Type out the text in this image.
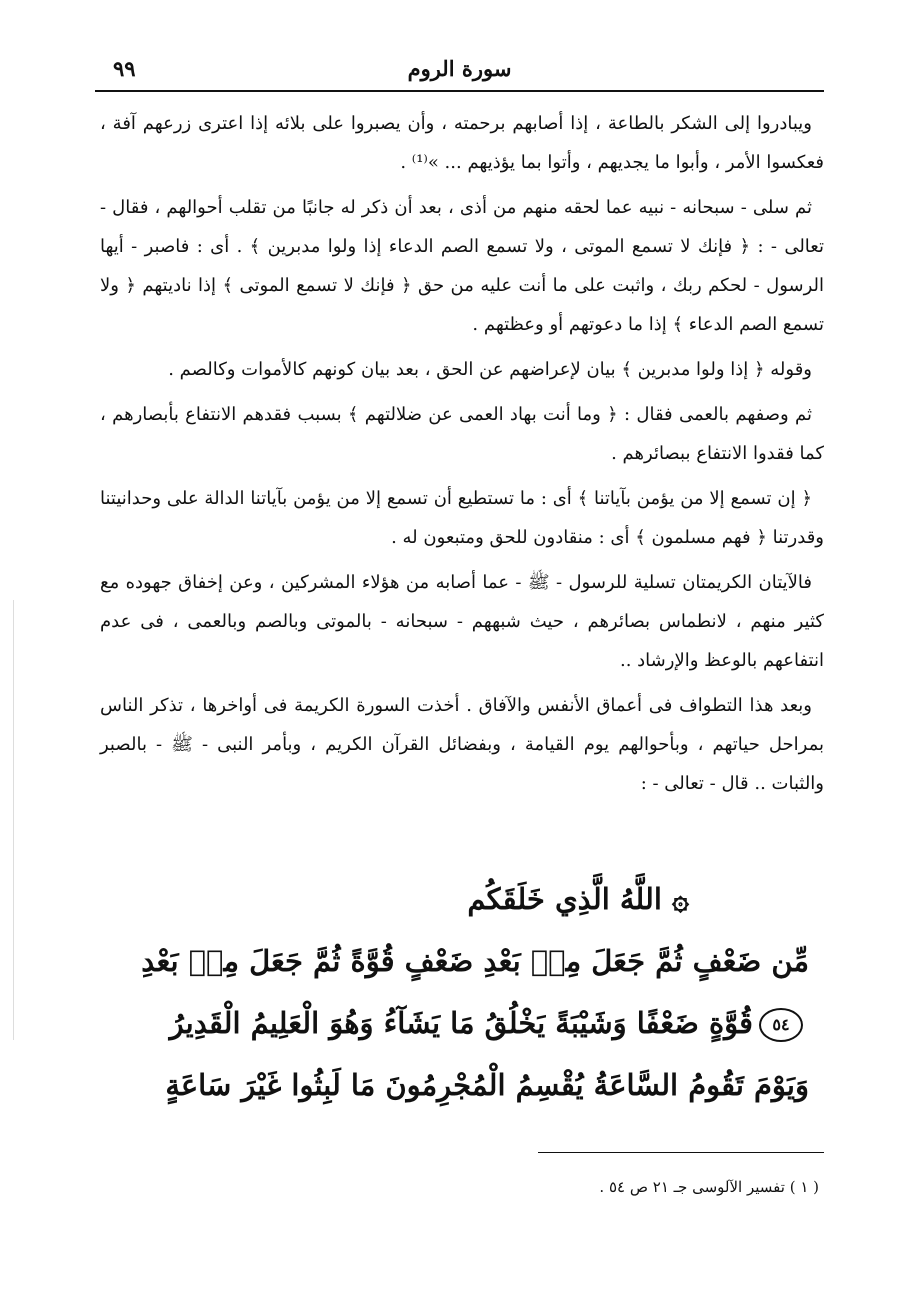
٩٩	سورة الروم

ويبادروا إلى الشكر بالطاعة ، إذا أصابهم برحمته ، وأن يصبروا على بلائه إذا اعترى زرعهم آفة ، فعكسوا الأمر ، وأبوا ما يجديهم ، وأتوا بما يؤذيهم ... »⁽¹⁾ .

ثم سلى - سبحانه - نبيه عما لحقه منهم من أذى ، بعد أن ذكر له جانبًا من تقلب أحوالهم ، فقال - تعالى - : ﴿ فإنك لا تسمع الموتى ، ولا تسمع الصم الدعاء إذا ولوا مدبرين ﴾ . أى : فاصبر - أيها الرسول - لحكم ربك ، واثبت على ما أنت عليه من حق ﴿ فإنك لا تسمع الموتى ﴾ إذا ناديتهم ﴿ ولا تسمع الصم الدعاء ﴾ إذا ما دعوتهم أو وعظتهم .

وقوله ﴿ إذا ولوا مدبرين ﴾ بيان لإعراضهم عن الحق ، بعد بيان كونهم كالأموات وكالصم .

ثم وصفهم بالعمى فقال : ﴿ وما أنت بهاد العمى عن ضلالتهم ﴾ بسبب فقدهم الانتفاع بأبصارهم ، كما فقدوا الانتفاع ببصائرهم .

﴿ إن تسمع إلا من يؤمن بآياتنا ﴾ أى : ما تستطيع أن تسمع إلا من يؤمن بآياتنا الدالة على وحدانيتنا وقدرتنا ﴿ فهم مسلمون ﴾ أى : منقادون للحق ومتبعون له .

فالآيتان الكريمتان تسلية للرسول - ﷺ - عما أصابه من هؤلاء المشركين ، وعن إخفاق جهوده مع كثير منهم ، لانطماس بصائرهم ، حيث شبههم - سبحانه - بالموتى وبالصم وبالعمى ، فى عدم انتفاعهم بالوعظ والإرشاد ..

وبعد هذا التطواف فى أعماق الأنفس والآفاق . أخذت السورة الكريمة فى أواخرها ، تذكر الناس بمراحل حياتهم ، وبأحوالهم يوم القيامة ، وبفضائل القرآن الكريم ، وبأمر النبى - ﷺ - بالصبر والثبات .. قال - تعالى - :

۞ اللَّهُ الَّذِي خَلَقَكُم
مِّن ضَعْفٍ ثُمَّ جَعَلَ مِنۢ بَعْدِ ضَعْفٍ قُوَّةً ثُمَّ جَعَلَ مِنۢ بَعْدِ
٥٤قُوَّةٍ ضَعْفًا وَشَيْبَةً يَخْلُقُ مَا يَشَآءُ وَهُوَ الْعَلِيمُ الْقَدِيرُ
وَيَوْمَ تَقُومُ السَّاعَةُ يُقْسِمُ الْمُجْرِمُونَ مَا لَبِثُوا غَيْرَ سَاعَةٍ
( ١ ) تفسير الآلوسى جـ ٢١ ص ٥٤ .
